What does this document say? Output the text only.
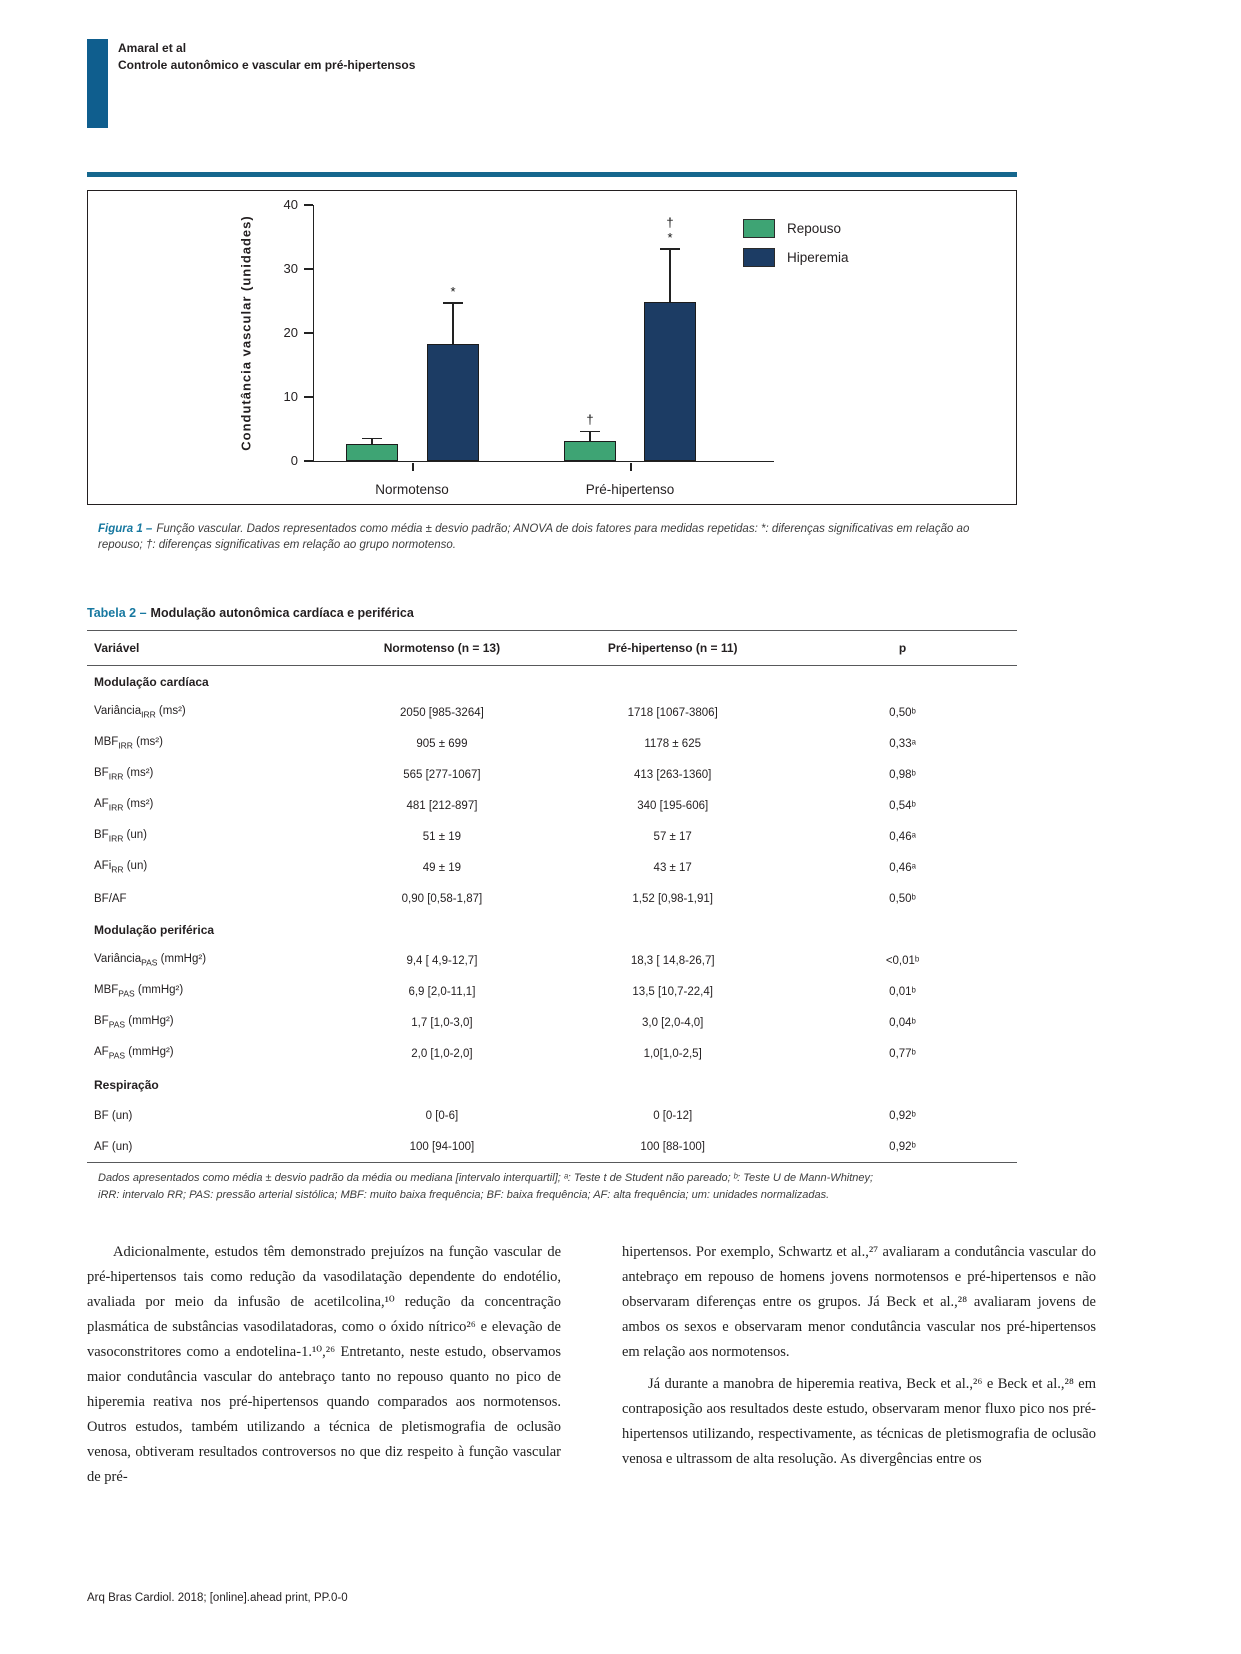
Amaral et al
Controle autonômico e vascular em pré-hipertensos
Condutância vascular (unidades)
0
10
20
30
40
†
*
†
*
Normotenso	Pré-hipertenso
Repouso
Hiperemia
Figura 1 – Função vascular. Dados representados como média ± desvio padrão; ANOVA de dois fatores para medidas repetidas: *: diferenças significativas em relação ao repouso; †: diferenças significativas em relação ao grupo normotenso.
Tabela 2 – Modulação autonômica cardíaca e periférica
Variável	Normotenso (n = 13)	Pré-hipertenso (n = 11)	p
Modulação cardíaca			
Variância$_{IRR}$ (ms²)	2050 [985-3264]	1718 [1067-3806]	0,50ᵇ
$MBF_{IRR}$ (ms²)	905 ± 699	1178 ± 625	0,33ᵃ
$BF_{IRR}$ (ms²)	565 [277-1067]	413 [263-1360]	0,98ᵇ
$AF_{IRR}$ (ms²)	481 [212-897]	340 [195-606]	0,54ᵇ
$BF_{IRR}$ (un)	51 ± 19	57 ± 17	0,46ᵃ
AFi$_{RR}$ (un)	49 ± 19	43 ± 17	0,46ᵃ
BF/AF	0,90 [0,58-1,87]	1,52 [0,98-1,91]	0,50ᵇ
Modulação periférica			
Variância$_{PAS}$ (mmHg²)	9,4 [ 4,9-12,7]	18,3 [ 14,8-26,7]	<0,01ᵇ
$MBF_{PAS}$ (mmHg²)	6,9 [2,0-11,1]	13,5 [10,7-22,4]	0,01ᵇ
$BF_{PAS}$ (mmHg²)	1,7 [1,0-3,0]	3,0 [2,0-4,0]	0,04ᵇ
$AF_{PAS}$ (mmHg²)	2,0 [1,0-2,0]	1,0[1,0-2,5]	0,77ᵇ
Respiração			
BF (un)	0 [0-6]	0 [0-12]	0,92ᵇ
AF (un)	100 [94-100]	100 [88-100]	0,92ᵇ
Dados apresentados como média ± desvio padrão da média ou mediana [intervalo interquartil]; ᵃ: Teste t de Student não pareado; ᵇ: Teste U de Mann-Whitney;
iRR: intervalo RR; PAS: pressão arterial sistólica; MBF: muito baixa frequência; BF: baixa frequência; AF: alta frequência; um: unidades normalizadas.

Adicionalmente, estudos têm demonstrado prejuízos na função vascular de pré-hipertensos tais como redução da vasodilatação dependente do endotélio, avaliada por meio da infusão de acetilcolina,¹⁰ redução da concentração plasmática de substâncias vasodilatadoras, como o óxido nítrico²⁶ e elevação de vasoconstritores como a endotelina-1.¹⁰,²⁶ Entretanto, neste estudo, observamos maior condutância vascular do antebraço tanto no repouso quanto no pico de hiperemia reativa nos pré-hipertensos quando comparados aos normotensos. Outros estudos, também utilizando a técnica de pletismografia de oclusão venosa, obtiveram resultados controversos no que diz respeito à função vascular de pré-

hipertensos. Por exemplo, Schwartz et al.,²⁷ avaliaram a condutância vascular do antebraço em repouso de homens jovens normotensos e pré-hipertensos e não observaram diferenças entre os grupos. Já Beck et al.,²⁸ avaliaram jovens de ambos os sexos e observaram menor condutância vascular nos pré-hipertensos em relação aos normotensos.

Já durante a manobra de hiperemia reativa, Beck et al.,²⁶ e Beck et al.,²⁸ em contraposição aos resultados deste estudo, observaram menor fluxo pico nos pré-hipertensos utilizando, respectivamente, as técnicas de pletismografia de oclusão venosa e ultrassom de alta resolução. As divergências entre os

Arq Bras Cardiol. 2018; [online].ahead print, PP.0-0
